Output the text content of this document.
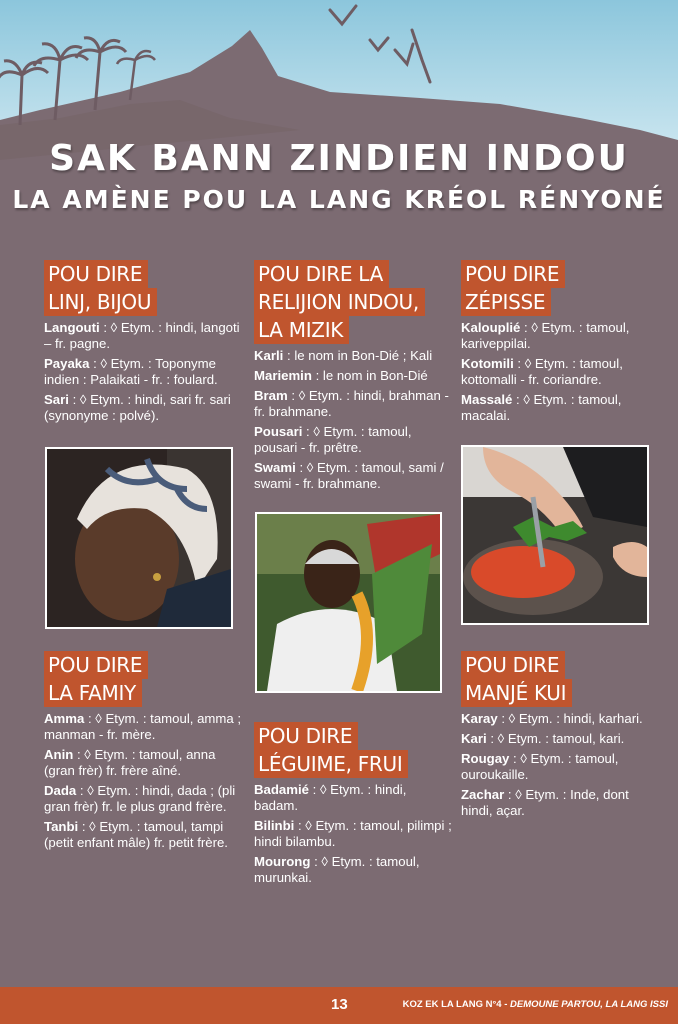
SAK BANN ZINDIEN INDOU
LA AMÈNE POU LA LANG KRÉOL RÉNYONÉ
POU DIRE
LINJ, BIJOU
Langouti : ◊ Etym. : hindi, langoti – fr. pagne.
Payaka : ◊ Etym. : Toponyme indien : Palaikati - fr. : foulard.
Sari : ◊ Etym. : hindi, sari fr. sari (synonyme : polvé).
POU DIRE LA
RELIJION INDOU,
LA MIZIK
Karli : le nom in Bon-Dié ; Kali
Mariemin : le nom in Bon-Dié
Bram : ◊ Etym. : hindi, brahman - fr. brahmane.
Pousari : ◊ Etym. : tamoul, pousari - fr. prêtre.
Swami : ◊ Etym. : tamoul, sami / swami - fr. brahmane.
POU DIRE
ZÉPISSE
Kalouplié : ◊ Etym. : tamoul, kariveppilai.
Kotomili : ◊ Etym. : tamoul, kottomalli - fr. coriandre.
Massalé : ◊ Etym. : tamoul, macalai.
POU DIRE
LA FAMIY
Amma : ◊ Etym. : tamoul, amma ; manman - fr. mère.
Anin : ◊ Etym. : tamoul, anna (gran frèr) fr. frère aîné.
Dada : ◊ Etym. : hindi, dada ; (pli gran frèr) fr. le plus grand frère.
Tanbi : ◊ Etym. : tamoul, tampi (petit enfant mâle) fr. petit frère.
POU DIRE
LÉGUIME, FRUI
Badamié : ◊ Etym. : hindi, badam.
Bilinbi : ◊ Etym. : tamoul, pilimpi ; hindi bilambu.
Mourong : ◊ Etym. : tamoul, murunkai.
POU DIRE
MANJÉ KUI
Karay : ◊ Etym. : hindi, karhari.
Kari : ◊ Etym. : tamoul, kari.
Rougay : ◊ Etym. : tamoul, ouroukaille.
Zachar : ◊ Etym. : Inde, dont hindi, açar.
13	KOZ EK LA LANG N°4 - DEMOUNE PARTOU, LA LANG ISSI
